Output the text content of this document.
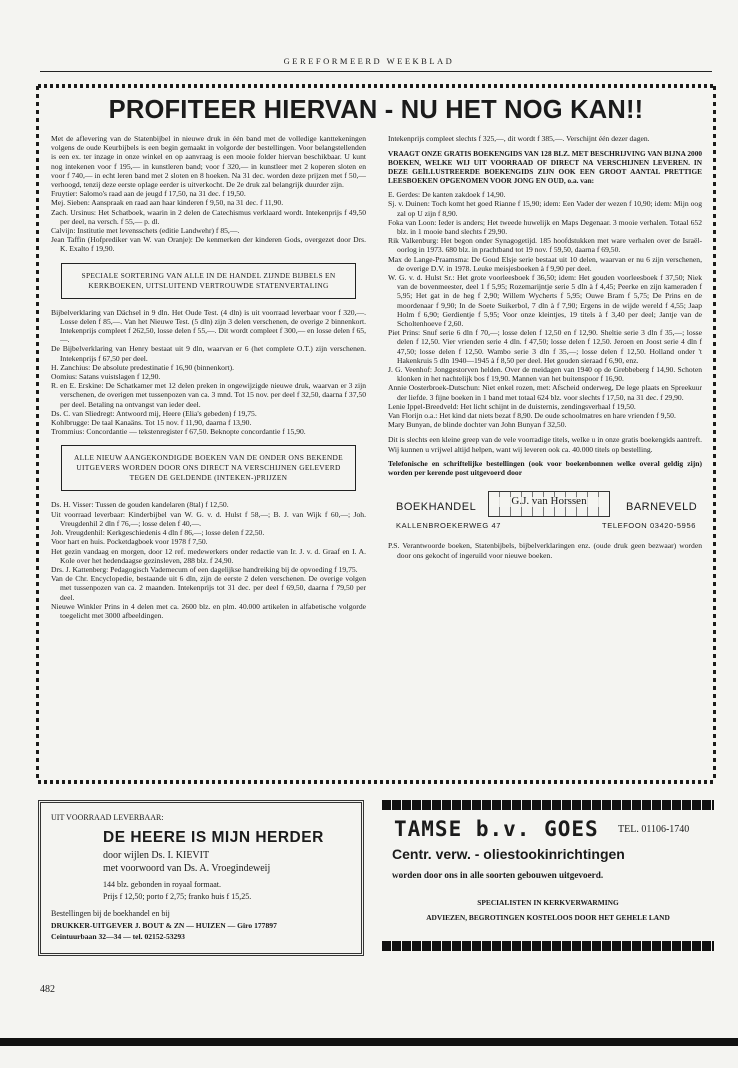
GEREFORMEERD WEEKBLAD
PROFITEER HIERVAN - NU HET NOG KAN!!

Met de aflevering van de Statenbijbel in nieuwe druk in één band met de volledige kanttekeningen volgens de oude Keurbijbels is een begin gemaakt in volgorde der bestellingen. Voor belangstellenden is een ex. ter inzage in onze winkel en op aanvraag is een mooie folder hiervan beschikbaar. U kunt nog intekenen voor f 195,— in kunstleren band; voor f 320,— in kunstleer met 2 koperen sloten en voor f 740,— in echt leren band met 2 sloten en 8 hoeken. Na 31 dec. worden deze prijzen met f 50,— verhoogd, tenzij deze eerste oplage eerder is uitverkocht. De 2e druk zal belangrijk duurder zijn.

Fruytier: Salomo's raad aan de jeugd f 17,50, na 31 dec. f 19,50.

Mej. Sieben: Aanspraak en raad aan haar kinderen f 9,50, na 31 dec. f 11,90.

Zach. Ursinus: Het Schatboek, waarin in 2 delen de Catechismus verklaard wordt. Intekenprijs f 49,50 per deel, na versch. f 55,— p. dl.

Calvijn: Institutie met levensschets (editie Landwehr) f 85,—.

Jean Taffin (Hofprediker van W. van Oranje): De kenmerken der kinderen Gods, overgezet door Drs. K. Exalto f 19,90.

SPECIALE SORTERING VAN ALLE IN DE HANDEL ZIJNDE BIJBELS EN KERKBOEKEN, UITSLUITEND VERTROUWDE STATENVERTALING

Bijbelverklaring van Dächsel in 9 dln. Het Oude Test. (4 dln) is uit voorraad leverbaar voor f 320,—. Losse delen f 85,—. Van het Nieuwe Test. (5 dln) zijn 3 delen verschenen, de overige 2 binnenkort. Intekenprijs compleet f 262,50, losse delen f 55,—. Dit wordt compleet f 300,— en losse delen f 65,—.

De Bijbelverklaring van Henry bestaat uit 9 dln, waarvan er 6 (het complete O.T.) zijn verschenen. Intekenprijs f 67,50 per deel.

H. Zanchius: De absolute predestinatie f 16,90 (binnenkort).

Oomius: Satans vuistslagen f 12,90.

R. en E. Erskine: De Schatkamer met 12 delen preken in ongewijzigde nieuwe druk, waarvan er 3 zijn verschenen, de overigen met tussenpozen van ca. 3 mnd. Tot 15 nov. per deel f 32,50, daarna f 37,50 per deel. Betaling na ontvangst van ieder deel.

Ds. C. van Sliedregt: Antwoord mij, Heere (Elia's gebeden) f 19,75.

Kohlbrugge: De taal Kanaäns. Tot 15 nov. f 11,90, daarna f 13,90.

Trommius: Concordantie — tekstenregister f 67,50. Beknopte concordantie f 15,90.

ALLE NIEUW AANGEKONDIGDE BOEKEN VAN DE ONDER ONS BEKENDE UITGEVERS WORDEN DOOR ONS DIRECT NA VERSCHIJNEN GELEVERD TEGEN DE GELDENDE (INTEKEN-)PRIJZEN

Ds. H. Visser: Tussen de gouden kandelaren (8tal) f 12,50.

Uit voorraad leverbaar: Kinderbijbel van W. G. v. d. Hulst f 58,—; B. J. van Wijk f 60,—; Joh. Vreugdenhil 2 dln f 76,—; losse delen f 40,—.

Joh. Vreugdenhil: Kerkgeschiedenis 4 dln f 86,—; losse delen f 22,50.

Voor hart en huis. Pocketdagboek voor 1978 f 7,50.

Het gezin vandaag en morgen, door 12 ref. medewerkers onder redactie van Ir. J. v. d. Graaf en I. A. Kole over het hedendaagse gezinsleven, 288 blz. f 24,90.

Drs. J. Kattenberg: Pedagogisch Vademecum of een dagelijkse handreiking bij de opvoeding f 19,75.

Van de Chr. Encyclopedie, bestaande uit 6 dln, zijn de eerste 2 delen verschenen. De overige volgen met tussenpozen van ca. 2 maanden. Intekenprijs tot 31 dec. per deel f 69,50, daarna f 79,50 per deel.

Nieuwe Winkler Prins in 4 delen met ca. 2600 blz. en plm. 40.000 artikelen in alfabetische volgorde toegelicht met 3000 afbeeldingen.

Intekenprijs compleet slechts f 325,—, dit wordt f 385,—. Verschijnt één dezer dagen.

VRAAGT ONZE GRATIS BOEKENGIDS VAN 128 BLZ. MET BESCHRIJVING VAN BIJNA 2000 BOEKEN, WELKE WIJ UIT VOORRAAD OF DIRECT NA VERSCHIJNEN LEVEREN. IN DEZE GEÏLLUSTREERDE BOEKENGIDS ZIJN OOK EEN GROOT AANTAL PRETTIGE LEESBOEKEN OPGENOMEN VOOR JONG EN OUD, o.a. van:

E. Gerdes: De kanten zakdoek f 14,90.

Sj. v. Duinen: Toch komt het goed Rianne f 15,90; idem: Een Vader der wezen f 10,90; idem: Mijn oog zal op U zijn f 8,90.

Foka van Loon: Ieder is anders; Het tweede huwelijk en Maps Degenaar. 3 mooie verhalen. Totaal 652 blz. in 1 mooie band slechts f 29,90.

Rik Valkenburg: Het begon onder Synagogetijd. 185 hoofdstukken met ware verhalen over de Israël-oorlog in 1973. 680 blz. in prachtband tot 19 nov. f 59,50, daarna f 69,50.

Max de Lange-Praamsma: De Goud Elsje serie bestaat uit 10 delen, waarvan er nu 6 zijn verschenen, de overige D.V. in 1978. Leuke meisjesboeken à f 9,90 per deel.

W. G. v. d. Hulst Sr.: Het grote voorleesboek f 36,50; idem: Het gouden voorleesboek f 37,50; Niek van de bovenmeester, deel 1 f 5,95; Rozemarijntje serie 5 dln à f 4,45; Peerke en zijn kameraden f 5,95; Het gat in de heg f 2,90; Willem Wycherts f 5,95; Ouwe Bram f 5,75; De Prins en de moordenaar f 9,90; In de Soete Suikerbol, 7 dln à f 7,90; Ergens in de wijde wereld f 4,55; Jaap Holm f 6,90; Gerdientje f 5,95; Voor onze kleintjes, 19 titels à f 3,40 per deel; Jantje van de Scholtenhoeve f 2,60.

Piet Prins: Snuf serie 6 dln f 70,—; losse delen f 12,50 en f 12,90. Sheltie serie 3 dln f 35,—; losse delen f 12,50. Vier vrienden serie 4 dln. f 47,50; losse delen f 12,50. Jeroen en Joost serie 4 dln f 47,50; losse delen f 12,50. Wambo serie 3 dln f 35,—; losse delen f 12,50. Holland onder 't Hakenkruis 5 dln 1940—1945 à f 8,50 per deel. Het gouden sieraad f 6,90, enz.

J. G. Veenhof: Jonggestorven helden. Over de meidagen van 1940 op de Grebbeberg f 14,90. Schoten klonken in het nachtelijk bos f 19,90. Mannen van het buitenspoor f 16,90.

Annie Oosterbroek-Dutschun: Niet enkel rozen, met: Afscheid onderweg, De lege plaats en Spreekuur der liefde. 3 fijne boeken in 1 band met totaal 624 blz. voor slechts f 17,50, na 31 dec. f 29,90.

Lenie Ippel-Breedveld: Het licht schijnt in de duisternis, zendingsverhaal f 19,50.

Van Florijn o.a.: Het kind dat niets bezat f 8,90. De oude schoolmatres en hare vrienden f 9,50.

Mary Bunyan, de blinde dochter van John Bunyan f 32,50.

Dit is slechts een kleine greep van de vele voorradige titels, welke u in onze gratis boekengids aantreft. Wij kunnen u vrijwel altijd helpen, want wij leveren ook ca. 40.000 titels op bestelling.

Telefonische en schriftelijke bestellingen (ook voor boekenbonnen welke overal geldig zijn) worden per kerende post uitgevoerd door

BOEKHANDEL	G.J. van Horssen	BARNEVELD
KALLENBROEKERWEG 47	TELEFOON 03420-5956

P.S. Verantwoorde boeken, Statenbijbels, bijbelverklaringen enz. (oude druk geen bezwaar) worden door ons gekocht of ingeruild voor nieuwe boeken.

UIT VOORRAAD LEVERBAAR:
DE HEERE IS MIJN HERDER
door wijlen Ds. I. KIEVIT
met voorwoord van Ds. A. Vroegindeweij
144 blz. gebonden in royaal formaat.
Prijs f 12,50; porto f 2,75; franko huis f 15,25.
Bestellingen bij de boekhandel en bij
DRUKKER-UITGEVER J. BOUT & ZN — HUIZEN — Giro 177897
Ceintuurbaan 32—34 — tel. 02152-53293
TAMSE b.v. GOES TEL. 01106-1740
Centr. verw. - oliestookinrichtingen
worden door ons in alle soorten gebouwen uitgevoerd.
SPECIALISTEN IN KERKVERWARMING
ADVIEZEN, BEGROTINGEN KOSTELOOS DOOR HET GEHELE LAND
482
